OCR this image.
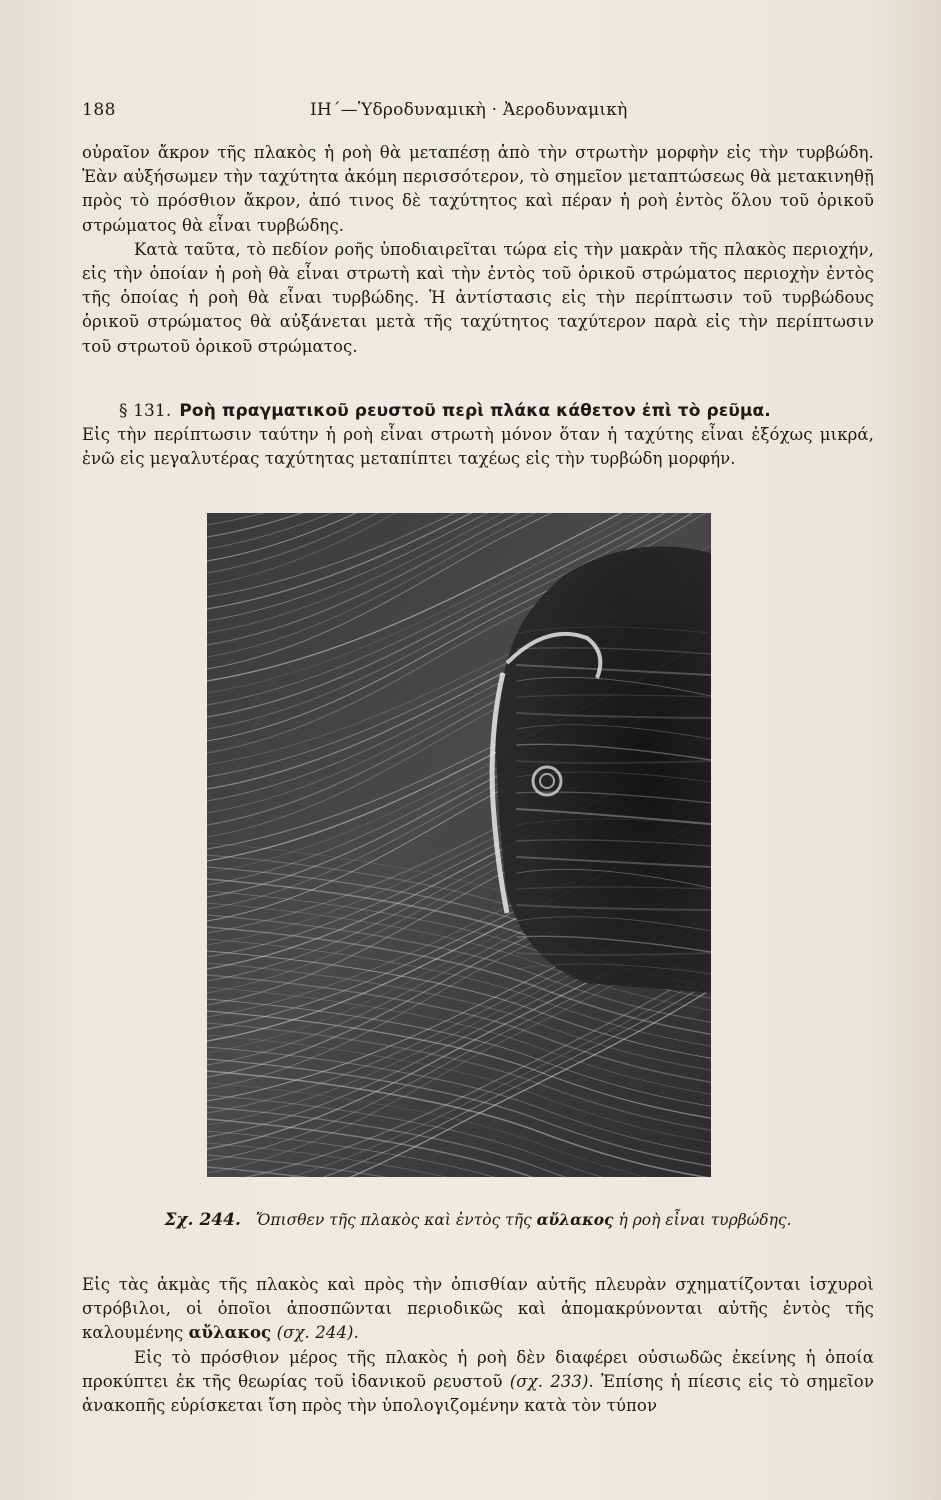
188	ΙΗ΄—Ὑδροδυναμικὴ · Ἀεροδυναμικὴ

οὐραῖον ἄκρον τῆς πλακὸς ἡ ροὴ θὰ μεταπέσῃ ἀπὸ τὴν στρωτὴν μορφὴν εἰς τὴν τυρβώδη. Ἐὰν αὐξήσωμεν τὴν ταχύτητα ἀκόμη περισσότερον, τὸ σημεῖον μεταπτώσεως θὰ μετακινηθῇ πρὸς τὸ πρόσθιον ἄκρον, ἀπό τινος δὲ ταχύτητος καὶ πέραν ἡ ροὴ ἐντὸς ὅλου τοῦ ὁρικοῦ στρώματος θὰ εἶναι τυρβώδης.

Κατὰ ταῦτα, τὸ πεδίον ροῆς ὑποδιαιρεῖται τώρα εἰς τὴν μακρὰν τῆς πλακὸς περιοχήν, εἰς τὴν ὁποίαν ἡ ροὴ θὰ εἶναι στρωτὴ καὶ τὴν ἐντὸς τοῦ ὁρικοῦ στρώματος περιοχὴν ἐντὸς τῆς ὁποίας ἡ ροὴ θὰ εἶναι τυρβώδης. Ἡ ἀντίστασις εἰς τὴν περίπτωσιν τοῦ τυρβώδους ὁρικοῦ στρώματος θὰ αὐξάνεται μετὰ τῆς ταχύτητος ταχύτερον παρὰ εἰς τὴν περίπτωσιν τοῦ στρωτοῦ ὁρικοῦ στρώματος.

§ 131. Ροὴ πραγματικοῦ ρευστοῦ περὶ πλάκα κάθετον ἐπὶ τὸ ρεῦμα.

Εἰς τὴν περίπτωσιν ταύτην ἡ ροὴ εἶναι στρωτὴ μόνον ὅταν ἡ ταχύτης εἶναι ἐξόχως μικρά, ἐνῶ εἰς μεγαλυτέρας ταχύτητας μεταπίπτει ταχέως εἰς τὴν τυρβώδη μορφήν.

Σχ. 244. Ὄπισθεν τῆς πλακὸς καὶ ἐντὸς τῆς αὔλακος ἡ ροὴ εἶναι τυρβώδης.

Εἰς τὰς ἀκμὰς τῆς πλακὸς καὶ πρὸς τὴν ὀπισθίαν αὐτῆς πλευρὰν σχηματίζονται ἰσχυροὶ στρόβιλοι, οἱ ὁποῖοι ἀποσπῶνται περιοδικῶς καὶ ἀπομακρύνονται αὐτῆς ἐντὸς τῆς καλουμένης αὔλακος (σχ. 244).

Εἰς τὸ πρόσθιον μέρος τῆς πλακὸς ἡ ροὴ δὲν διαφέρει οὐσιωδῶς ἐκείνης ἡ ὁποία προκύπτει ἐκ τῆς θεωρίας τοῦ ἰδανικοῦ ρευστοῦ (σχ. 233). Ἐπίσης ἡ πίεσις εἰς τὸ σημεῖον ἀνακοπῆς εὑρίσκεται ἴση πρὸς τὴν ὑπολογιζομένην κατὰ τὸν τύπον
